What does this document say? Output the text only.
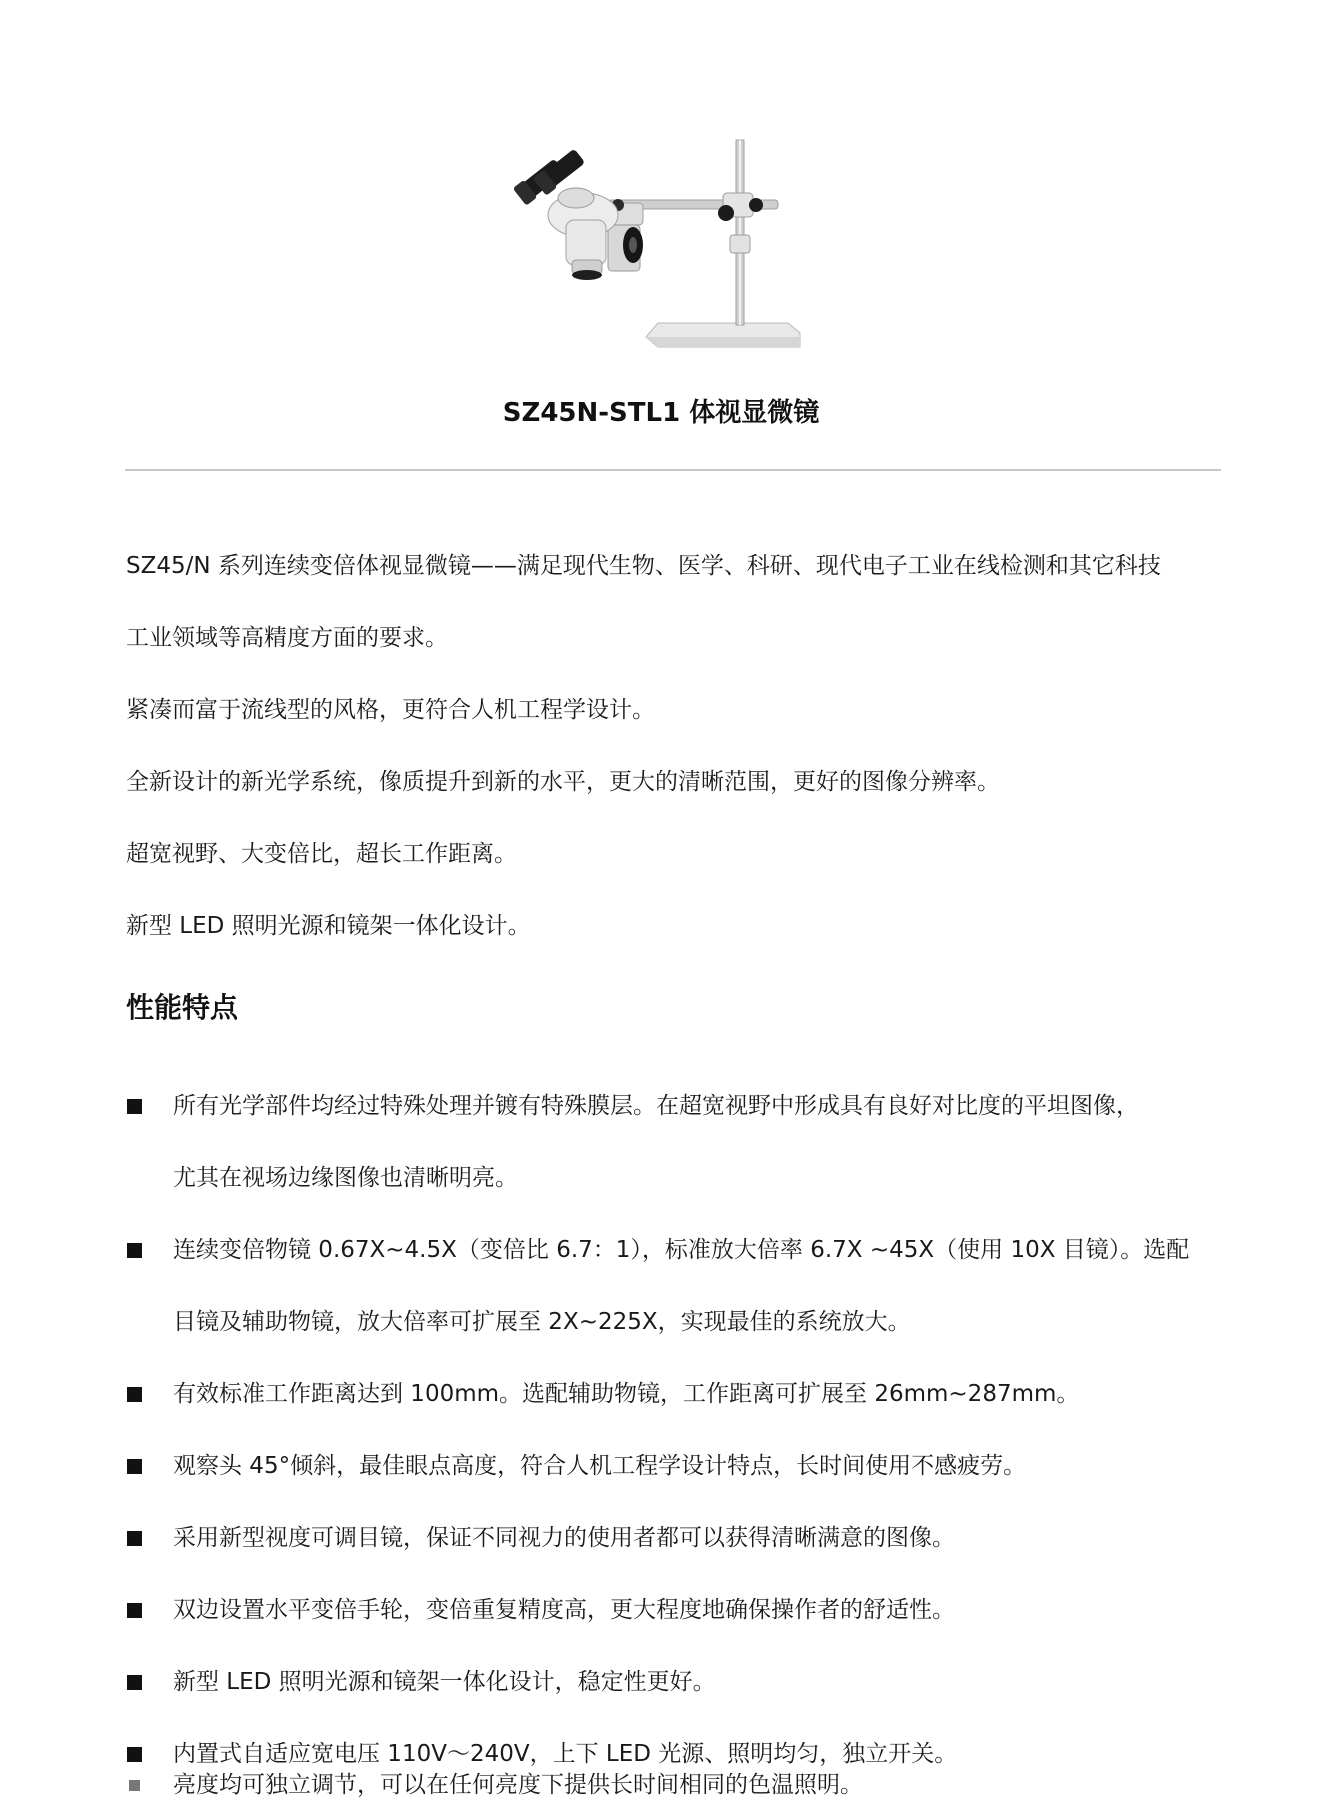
SZ45N-STL1 体视显微镜

SZ45/N 系列连续变倍体视显微镜——满足现代生物、医学、科研、现代电子工业在线检测和其它科技

工业领域等高精度方面的要求。

紧凑而富于流线型的风格，更符合人机工程学设计。

全新设计的新光学系统，像质提升到新的水平，更大的清晰范围，更好的图像分辨率。

超宽视野、大变倍比，超长工作距离。

新型 LED 照明光源和镜架一体化设计。

性能特点
所有光学部件均经过特殊处理并镀有特殊膜层。在超宽视野中形成具有良好对比度的平坦图像，
尤其在视场边缘图像也清晰明亮。
连续变倍物镜 0.67X~4.5X（变倍比 6.7：1），标准放大倍率 6.7X ~45X（使用 10X 目镜）。选配
目镜及辅助物镜，放大倍率可扩展至 2X~225X，实现最佳的系统放大。
有效标准工作距离达到 100mm。选配辅助物镜，工作距离可扩展至 26mm~287mm。
观察头 45°倾斜，最佳眼点高度，符合人机工程学设计特点，长时间使用不感疲劳。
采用新型视度可调目镜，保证不同视力的使用者都可以获得清晰满意的图像。
双边设置水平变倍手轮，变倍重复精度高，更大程度地确保操作者的舒适性。
新型 LED 照明光源和镜架一体化设计，稳定性更好。
内置式自适应宽电压 110V～240V，上下 LED 光源、照明均匀，独立开关。
亮度均可独立调节，可以在任何亮度下提供长时间相同的色温照明。
